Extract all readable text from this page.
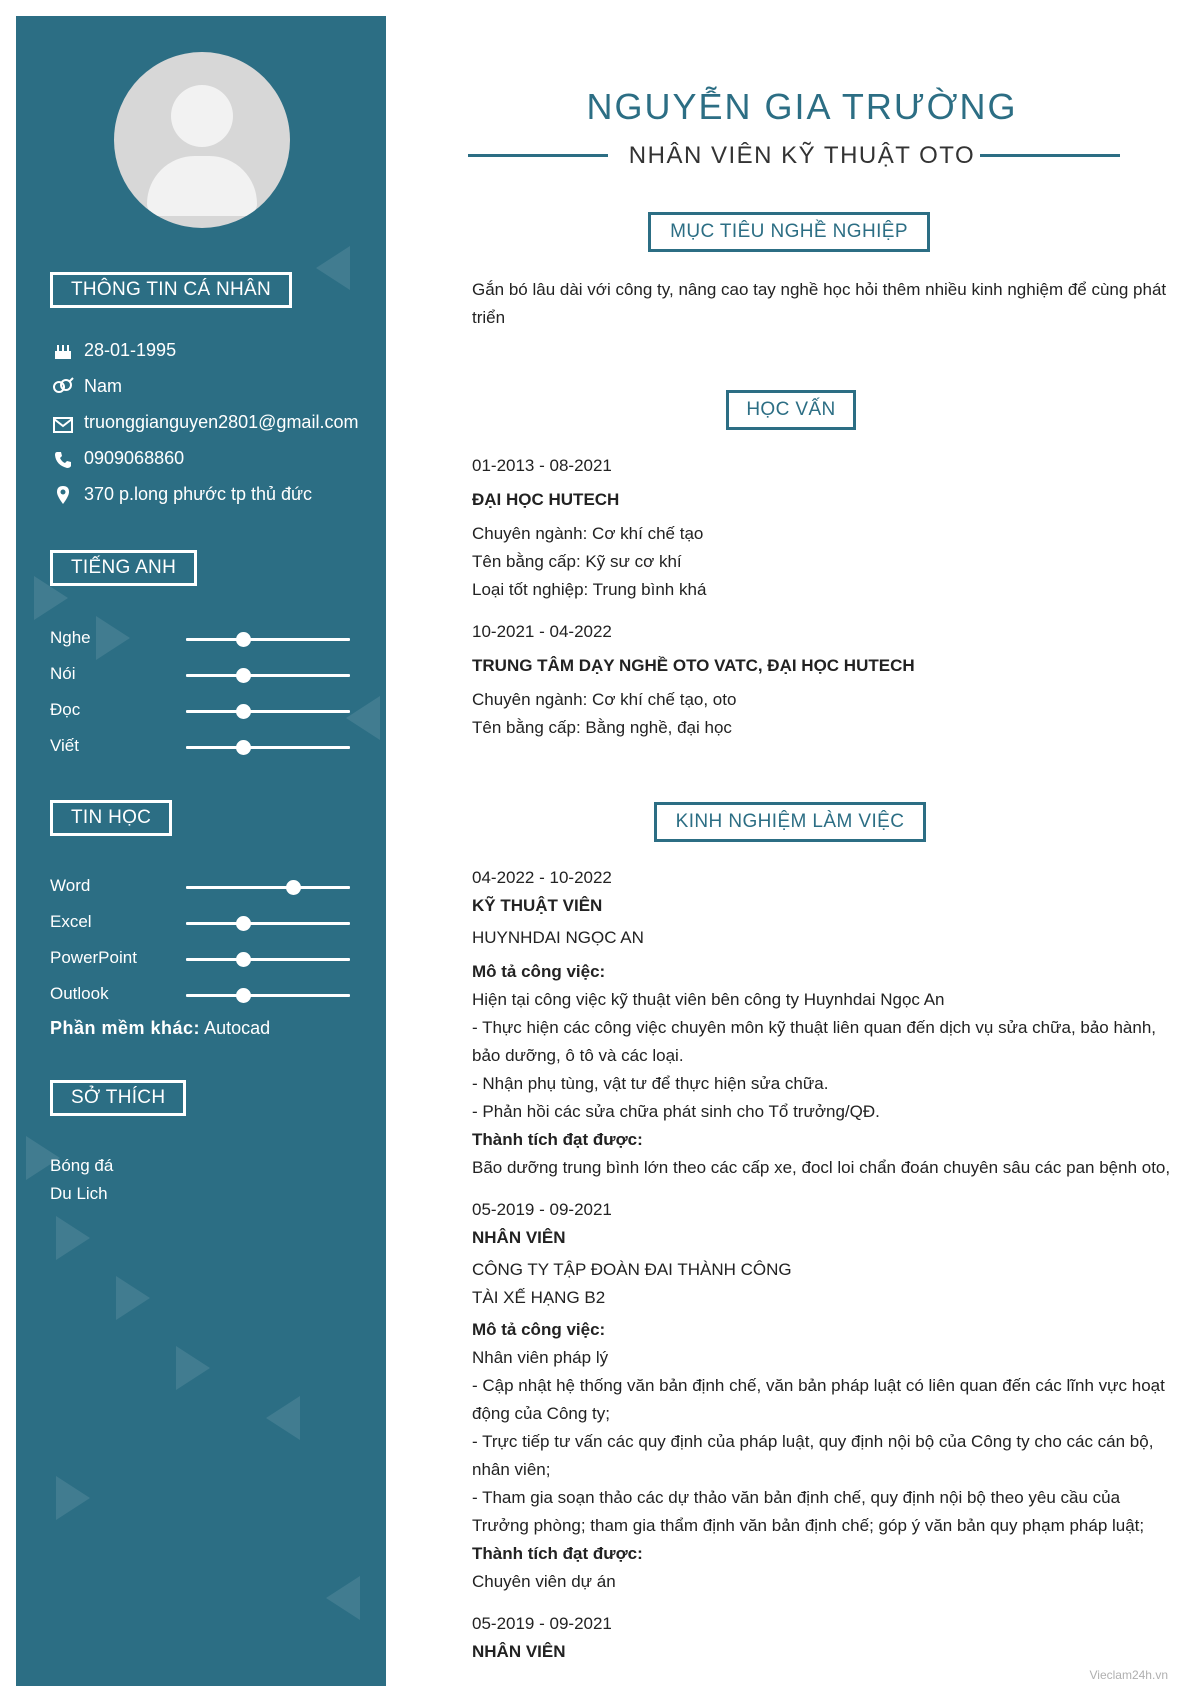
THÔNG TIN CÁ NHÂN
28-01-1995
Nam
truonggianguyen2801@gmail.com
0909068860
370 p.long phước tp thủ đức
TIẾNG ANH
Nghe
Nói
Đọc
Viết
TIN HỌC
Word
Excel
PowerPoint
Outlook
Phần mềm khác: Autocad
SỞ THÍCH
Bóng đá
Du Lich
NGUYỄN GIA TRƯỜNG
NHÂN VIÊN KỸ THUẬT OTO
MỤC TIÊU NGHỀ NGHIỆP
Gắn bó lâu dài với công ty, nâng cao tay nghề học hỏi thêm nhiều kinh nghiệm để cùng phát
triển
HỌC VẤN
01-2013 - 08-2021
ĐẠI HỌC HUTECH
Chuyên ngành: Cơ khí chế tạo
Tên bằng cấp: Kỹ sư cơ khí
Loại tốt nghiệp: Trung bình khá
10-2021 - 04-2022
TRUNG TÂM DẠY NGHỀ OTO VATC, ĐẠI HỌC HUTECH
Chuyên ngành: Cơ khí chế tạo, oto
Tên bằng cấp: Bằng nghề, đại học
KINH NGHIỆM LÀM VIỆC
04-2022 - 10-2022
KỸ THUẬT VIÊN
HUYNHDAI NGỌC AN
Mô tả công việc:
Hiện tại công việc kỹ thuật viên bên công ty Huynhdai Ngọc An
- Thực hiện các công việc chuyên môn kỹ thuật liên quan đến dịch vụ sửa chữa, bảo hành,
bảo dưỡng, ô tô và các loại.
- Nhận phụ tùng, vật tư để thực hiện sửa chữa.
- Phản hồi các sửa chữa phát sinh cho Tổ trưởng/QĐ.
Thành tích đạt được:
Bão dưỡng trung bình lớn theo các cấp xe, đocl loi chẩn đoán chuyên sâu các pan bệnh oto,
05-2019 - 09-2021
NHÂN VIÊN
CÔNG TY TẬP ĐOÀN ĐAI THÀNH CÔNG
TÀI XẾ HẠNG B2
Mô tả công việc:
Nhân viên pháp lý
- Cập nhật hệ thống văn bản định chế, văn bản pháp luật có liên quan đến các lĩnh vực hoạt
động của Công ty;
- Trực tiếp tư vấn các quy định của pháp luật, quy định nội bộ của Công ty cho các cán bộ,
nhân viên;
- Tham gia soạn thảo các dự thảo văn bản định chế, quy định nội bộ theo yêu cầu của
Trưởng phòng; tham gia thẩm định văn bản định chế; góp ý văn bản quy phạm pháp luật;
Thành tích đạt được:
Chuyên viên dự án
05-2019 - 09-2021
NHÂN VIÊN
Vieclam24h.vn
